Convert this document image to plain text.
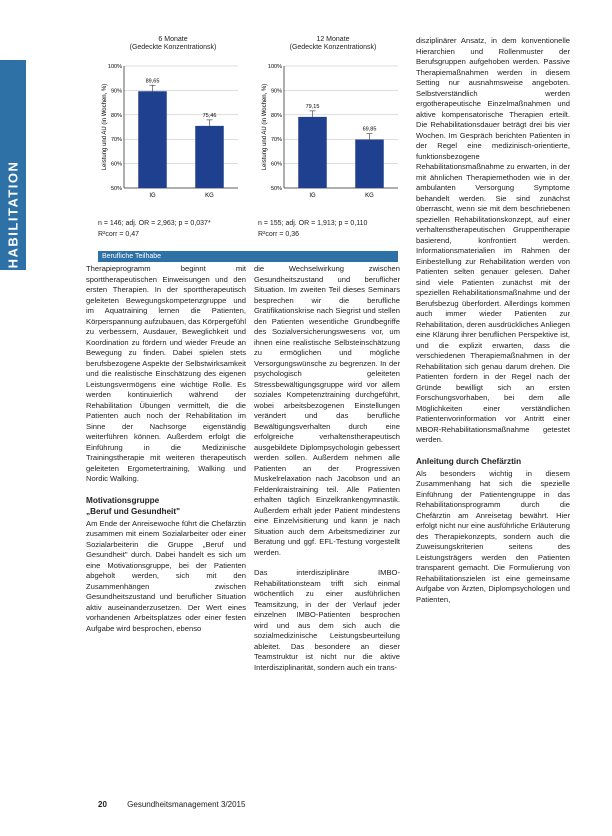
REHABILITATION
6 Monate
(Gedeckte Konzentrationsk)
Leistung und AU (in Wochen, %)
100%
90%
80%
70%
60%
50%
89,65
IG
75,46
KG
n = 146; adj. OR = 2,963; p = 0,037*
R²corr = 0,47
12 Monate
(Gedeckte Konzentrationsk)
Leistung und AU (in Wochen, %)
100%
90%
80%
70%
60%
50%
79,15
IG
69,85
KG
n = 155; adj. OR = 1,913; p = 0,110
R²corr = 0,36
Berufliche Teilhabe

Therapieprogramm beginnt mit sporttherapeutischen Einweisungen und den ersten Therapien. In der sporttherapeutisch geleiteten Bewegungskompetenzgruppe und im Aquatraining lernen die Patienten, Körperspannung aufzubauen, das Körpergefühl zu verbessern, Ausdauer, Beweglichkeit und Koordination zu fördern und wieder Freude an Bewegung zu finden. Dabei spielen stets berufsbezogene Aspekte der Selbstwirksamkeit und die realistische Einschätzung des eigenen Leistungsvermögens eine wichtige Rolle. Es werden kontinuierlich während der Rehabilitation Übungen vermittelt, die die Patienten auch noch der Rehabilitation im Sinne der Nachsorge eigenständig weiterführen können. Außerdem erfolgt die Einführung in die Medizinische Trainingstherapie mit weiteren therapeutisch geleiteten Ergometertraining, Walking und Nordic Walking.

Motivationsgruppe
„Beruf und Gesundheit"

Am Ende der Anreisewoche führt die Chefärztin zusammen mit einem Sozialarbeiter oder einer Sozialarbeiterin die Gruppe „Beruf und Gesundheit" durch. Dabei handelt es sich um eine Motivationsgruppe, bei der Patienten abgeholt werden, sich mit den Zusammenhängen zwischen Gesundheitszustand und beruflicher Situation aktiv auseinanderzusetzen. Der Wert eines vorhandenen Arbeitsplatzes oder einer festen Aufgabe wird besprochen, ebenso

die Wechselwirkung zwischen Gesundheitszustand und beruflicher Situation. Im zweiten Teil dieses Seminars besprechen wir die berufliche Gratifikationskrise nach Siegrist und stellen den Patienten wesentliche Grundbegriffe des Sozialversicherungswesens vor, um ihnen eine realistische Selbsteinschätzung zu ermöglichen und mögliche Versorgungswünsche zu begrenzen. In der psychologisch geleiteten Stressbewältigungsgruppe wird vor allem soziales Kompetenztraining durchgeführt, wobei arbeitsbezogenen Einstellungen verändert und das berufliche Bewältigungsverhalten durch eine erfolgreiche verhaltenstherapeutisch ausgebildete Diplompsychologin gebessert werden sollen. Außerdem nehmen alle Patienten an der Progressiven Muskelrelaxation nach Jacobson und an Feldenkraistraining teil. Alle Patienten erhalten täglich Einzelkrankengymnastik. Außerdem erhält jeder Patient mindestens eine Einzelvisitierung und kann je nach Situation auch dem Arbeitsmediziner zur Beratung und ggf. EFL-Testung vorgestellt werden.

Das interdisziplinäre IMBO-Rehabilitationsteam trifft sich einmal wöchentlich zu einer ausführlichen Teamsitzung, in der der Verlauf jeder einzelnen IMBO-Patienten besprochen wird und aus dem sich auch die sozialmedizinische Leistungsbeurteilung ableitet. Das besondere an dieser Teamstruktur ist nicht nur die aktive Interdisziplinarität, sondern auch ein trans-

disziplinärer Ansatz, in dem konventionelle Hierarchien und Rollenmuster der Berufsgruppen aufgehoben werden. Passive Therapiemaßnahmen werden in diesem Setting nur ausnahmsweise angeboten. Selbstverständlich werden ergotherapeutische Einzelmaßnahmen und aktive kompensatorische Therapien erteilt. Die Rehabilitationsdauer beträgt drei bis vier Wochen. Im Gespräch berichten Patienten in der Regel eine medizinisch-orientierte, funktionsbezogene Rehabilitationsmaßnahme zu erwarten, in der mit ähnlichen Therapiemethoden wie in der ambulanten Versorgung Symptome behandelt werden. Sie sind zunächst überrascht, wenn sie mit dem beschriebenen speziellen Rehabilitationskonzept, auf einer verhaltenstherapeutischen Gruppentherapie basierend, konfrontiert werden. Informationsmaterialien im Rahmen der Einbestellung zur Rehabilitation werden von Patienten selten genauer gelesen. Daher sind viele Patienten zunächst mit der speziellen Rehabilitationsmaßnahme und der Berufsbezug überfordert. Allerdings kommen auch immer wieder Patienten zur Rehabilitation, deren ausdrückliches Anliegen eine Klärung ihrer beruflichen Perspektive ist, und die explizit erwarten, dass die verschiedenen Therapiemaßnahmen in der Rehabilitation sich genau darum drehen. Die Patienten fordern in der Regel nach der Gründe bewilligt sich an ersten Forschungsvorhaben, bei dem alle Möglichkeiten einer verständlichen Patientenvorinformation vor Antritt einer MBOR-Rehabilitationsmaßnahme getestet werden.

Anleitung durch Chefärztin

Als besonders wichtig in diesem Zusammenhang hat sich die spezielle Einführung der Patientengruppe in das Rehabilitationsprogramm durch die Chefärztin am Anreisetag bewährt. Hier erfolgt nicht nur eine ausführliche Erläuterung des Therapiekonzepts, sondern auch die Zuweisungskriterien seitens des Leistungsträgers werden den Patienten transparent gemacht. Die Formulierung von Rehabilitationszielen ist eine gemeinsame Aufgabe von Ärzten, Diplompsychologen und Patienten,

20	Gesundheitsmanagement 3/2015
